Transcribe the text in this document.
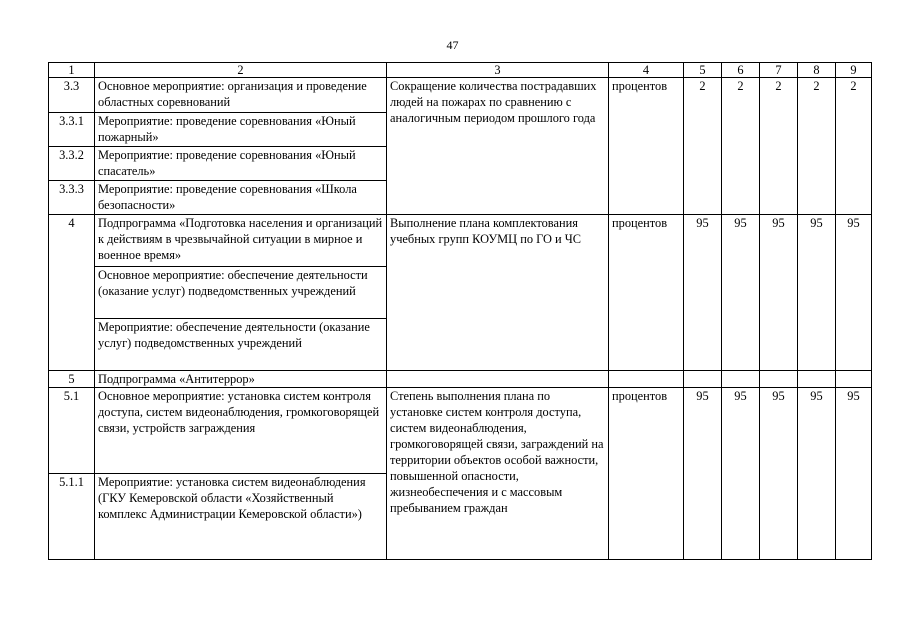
47
1	2	3	4	5	6	7	8	9
3.3	Основное мероприятие: организация и проведение областных соревнований	Сокращение количества пострадавших людей на пожарах по сравнению с аналогичным периодом прошлого года	процентов	2	2	2	2	2
3.3.1	Мероприятие: проведение соревнования «Юный пожарный»							
3.3.2	Мероприятие: проведение соревнования «Юный спасатель»							
3.3.3	Мероприятие: проведение соревнования «Школа безопасности»							
4	Подпрограмма «Подготовка населения и организаций к действиям в чрезвычайной ситуации в мирное и военное время»	Выполнение плана комплектования учебных групп КОУМЦ по ГО и ЧС	процентов	95	95	95	95	95
	Основное мероприятие: обеспечение деятельности (оказание услуг) подведомственных учреждений							
	Мероприятие: обеспечение деятельности (оказание услуг) подведомственных учреждений							
5	Подпрограмма «Антитеррор»							
5.1	Основное мероприятие: установка систем контроля доступа, систем видеонаблюдения, громкоговорящей связи, устройств заграждения	Степень выполнения плана по установке систем контроля доступа, систем видеонаблюдения, громкоговорящей связи, заграждений на территории объектов особой важности, повышенной опасности, жизнеобеспечения и с массовым пребыванием граждан	процентов	95	95	95	95	95
5.1.1	Мероприятие: установка систем видеонаблюдения (ГКУ Кемеровской области «Хозяйственный комплекс Администрации Кемеровской области»)							
